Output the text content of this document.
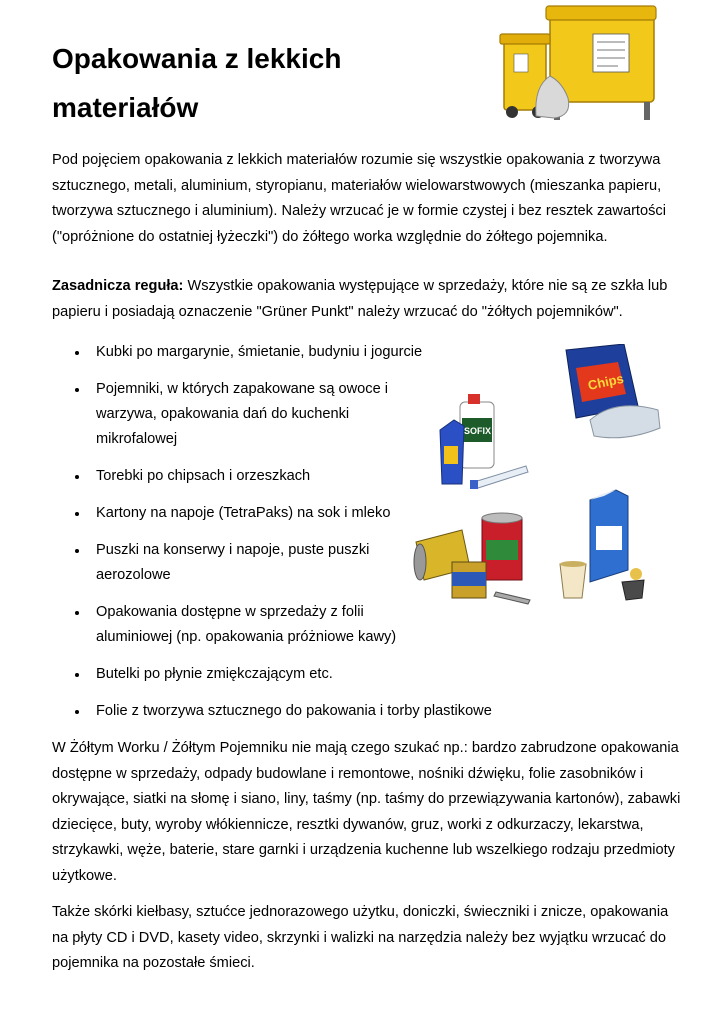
Opakowania z lekkich materiałów

Pod pojęciem opakowania z lekkich materiałów rozumie się wszystkie opakowania z tworzywa sztucznego, metali, aluminium, styropianu, materiałów wielowarstwowych (mieszanka papieru, tworzywa sztucznego i aluminium). Należy wrzucać je w formie czystej i bez resztek zawartości ("opróżnione do ostatniej łyżeczki") do żółtego worka względnie do żółtego pojemnika.

Zasadnicza reguła: Wszystkie opakowania występujące w sprzedaży, które nie są ze szkła lub papieru i posiadają oznaczenie "Grüner Punkt" należy wrzucać do "żółtych pojemników".

Kubki po margarynie, śmietanie, budyniu i jogurcie
Pojemniki, w których zapakowane są owoce i warzywa, opakowania dań do kuchenki mikrofalowej
Torebki po chipsach i orzeszkach
Kartony na napoje (TetraPaks) na sok i mleko
Puszki na konserwy i napoje, puste puszki aerozolowe
Opakowania dostępne w sprzedaży z folii aluminiowej (np. opakowania próżniowe kawy)
Butelki po płynie zmiękczającym etc.
Folie z tworzywa sztucznego do pakowania i torby plastikowe
Chips
SOFIX

W Żółtym Worku / Żółtym Pojemniku nie mają czego szukać np.: bardzo zabrudzone opakowania dostępne w sprzedaży, odpady budowlane i remontowe, nośniki dźwięku, folie zasobników i okrywające, siatki na słomę i siano, liny, taśmy (np. taśmy do przewiązywania kartonów), zabawki dziecięce, buty, wyroby włókiennicze, resztki dywanów, gruz, worki z odkurzaczy, lekarstwa, strzykawki, węże, baterie, stare garnki i urządzenia kuchenne lub wszelkiego rodzaju przedmioty użytkowe.

Także skórki kiełbasy, sztućce jednorazowego użytku, doniczki, świeczniki i znicze, opakowania na płyty CD i DVD, kasety video, skrzynki i walizki na narzędzia należy bez wyjątku wrzucać do pojemnika na pozostałe śmieci.
